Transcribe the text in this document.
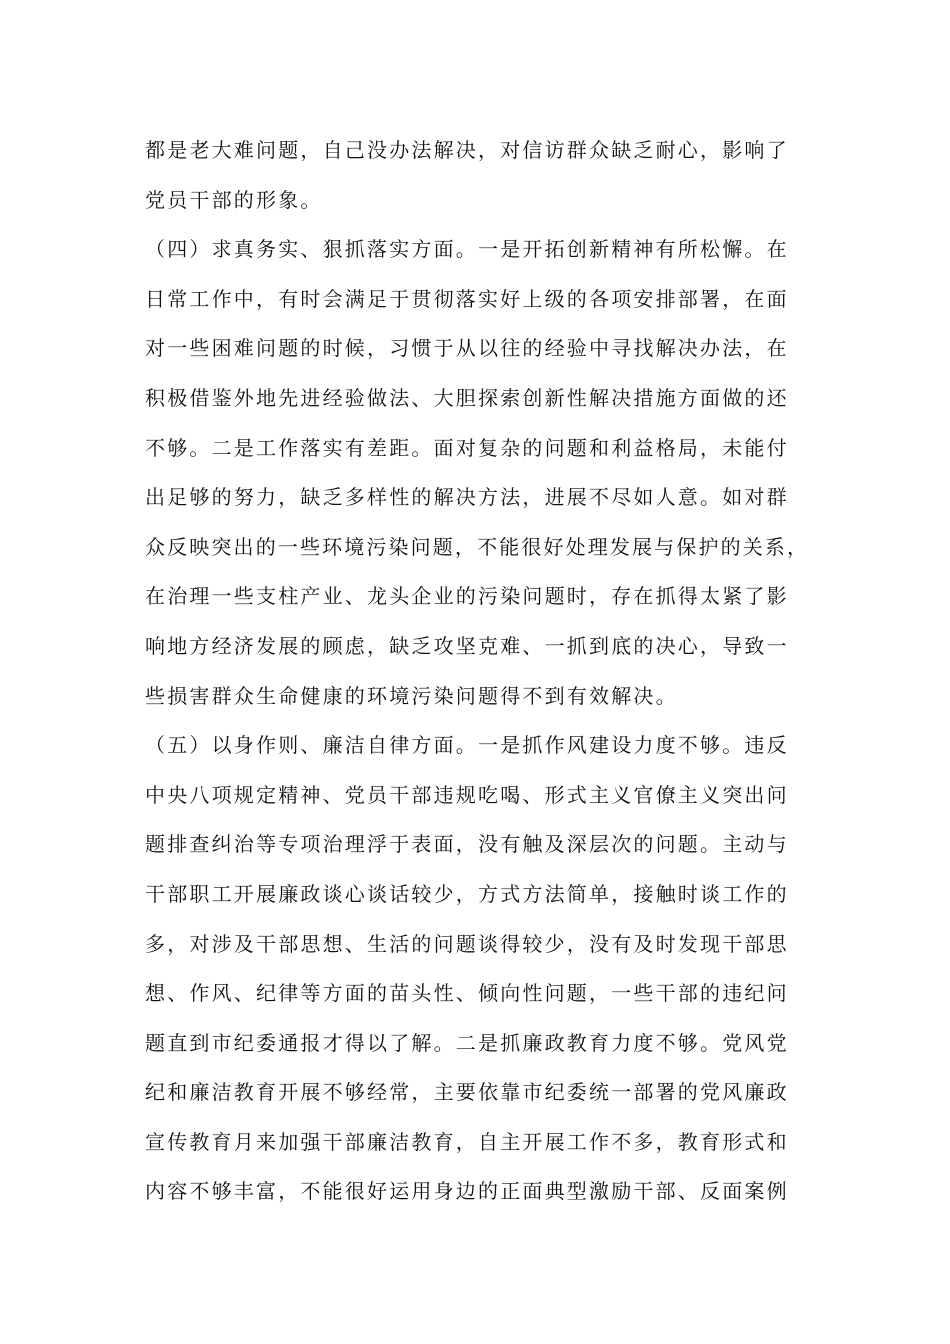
都是老大难问题，自己没办法解决，对信访群众缺乏耐心，影响了
党员干部的形象。
（四）求真务实、狠抓落实方面。一是开拓创新精神有所松懈。在
日常工作中，有时会满足于贯彻落实好上级的各项安排部署，在面
对一些困难问题的时候，习惯于从以往的经验中寻找解决办法，在
积极借鉴外地先进经验做法、大胆探索创新性解决措施方面做的还
不够。二是工作落实有差距。面对复杂的问题和利益格局，未能付
出足够的努力，缺乏多样性的解决方法，进展不尽如人意。如对群
众反映突出的一些环境污染问题，不能很好处理发展与保护的关系，
在治理一些支柱产业、龙头企业的污染问题时，存在抓得太紧了影
响地方经济发展的顾虑，缺乏攻坚克难、一抓到底的决心，导致一
些损害群众生命健康的环境污染问题得不到有效解决。
（五）以身作则、廉洁自律方面。一是抓作风建设力度不够。违反
中央八项规定精神、党员干部违规吃喝、形式主义官僚主义突出问
题排查纠治等专项治理浮于表面，没有触及深层次的问题。主动与
干部职工开展廉政谈心谈话较少，方式方法简单，接触时谈工作的
多，对涉及干部思想、生活的问题谈得较少，没有及时发现干部思
想、作风、纪律等方面的苗头性、倾向性问题，一些干部的违纪问
题直到市纪委通报才得以了解。二是抓廉政教育力度不够。党风党
纪和廉洁教育开展不够经常，主要依靠市纪委统一部署的党风廉政
宣传教育月来加强干部廉洁教育，自主开展工作不多，教育形式和
内容不够丰富，不能很好运用身边的正面典型激励干部、反面案例
